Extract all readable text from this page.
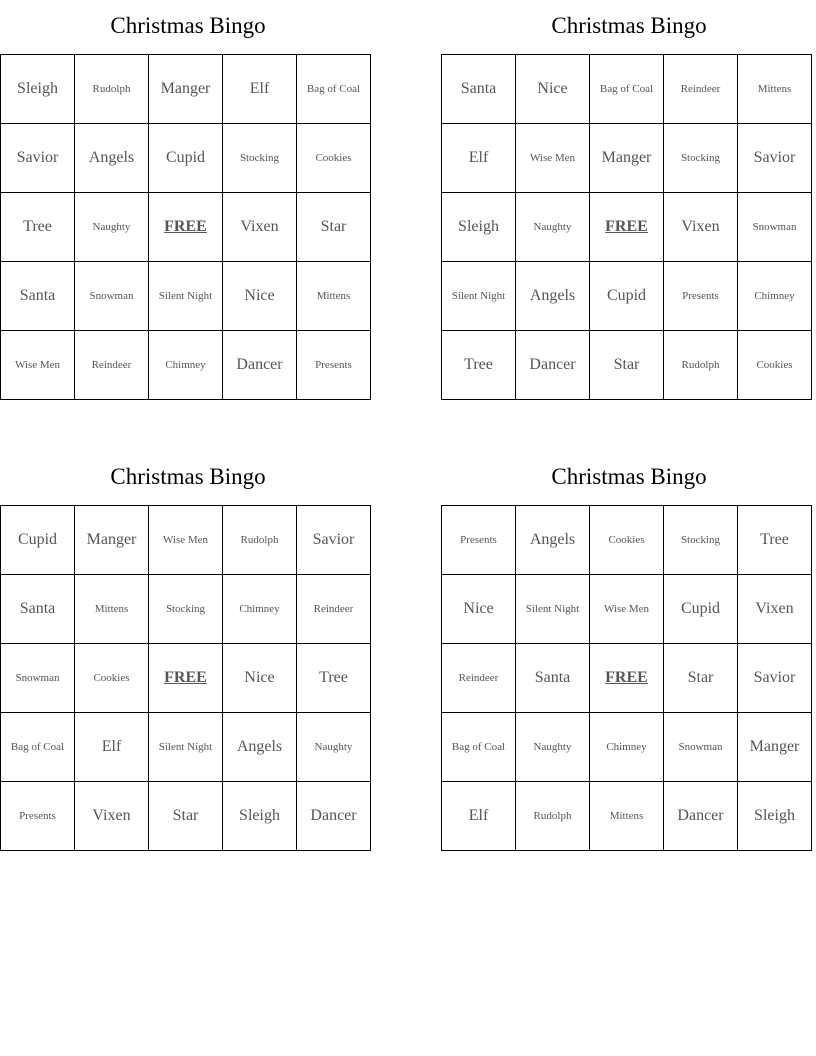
Christmas Bingo
Sleigh	Rudolph	Manger	Elf	Bag of Coal
Savior	Angels	Cupid	Stocking	Cookies
Tree	Naughty	FREE	Vixen	Star
Santa	Snowman	Silent Night	Nice	Mittens
Wise Men	Reindeer	Chimney	Dancer	Presents
Christmas Bingo
Santa	Nice	Bag of Coal	Reindeer	Mittens
Elf	Wise Men	Manger	Stocking	Savior
Sleigh	Naughty	FREE	Vixen	Snowman
Silent Night	Angels	Cupid	Presents	Chimney
Tree	Dancer	Star	Rudolph	Cookies
Christmas Bingo
Cupid	Manger	Wise Men	Rudolph	Savior
Santa	Mittens	Stocking	Chimney	Reindeer
Snowman	Cookies	FREE	Nice	Tree
Bag of Coal	Elf	Silent Night	Angels	Naughty
Presents	Vixen	Star	Sleigh	Dancer
Christmas Bingo
Presents	Angels	Cookies	Stocking	Tree
Nice	Silent Night	Wise Men	Cupid	Vixen
Reindeer	Santa	FREE	Star	Savior
Bag of Coal	Naughty	Chimney	Snowman	Manger
Elf	Rudolph	Mittens	Dancer	Sleigh
